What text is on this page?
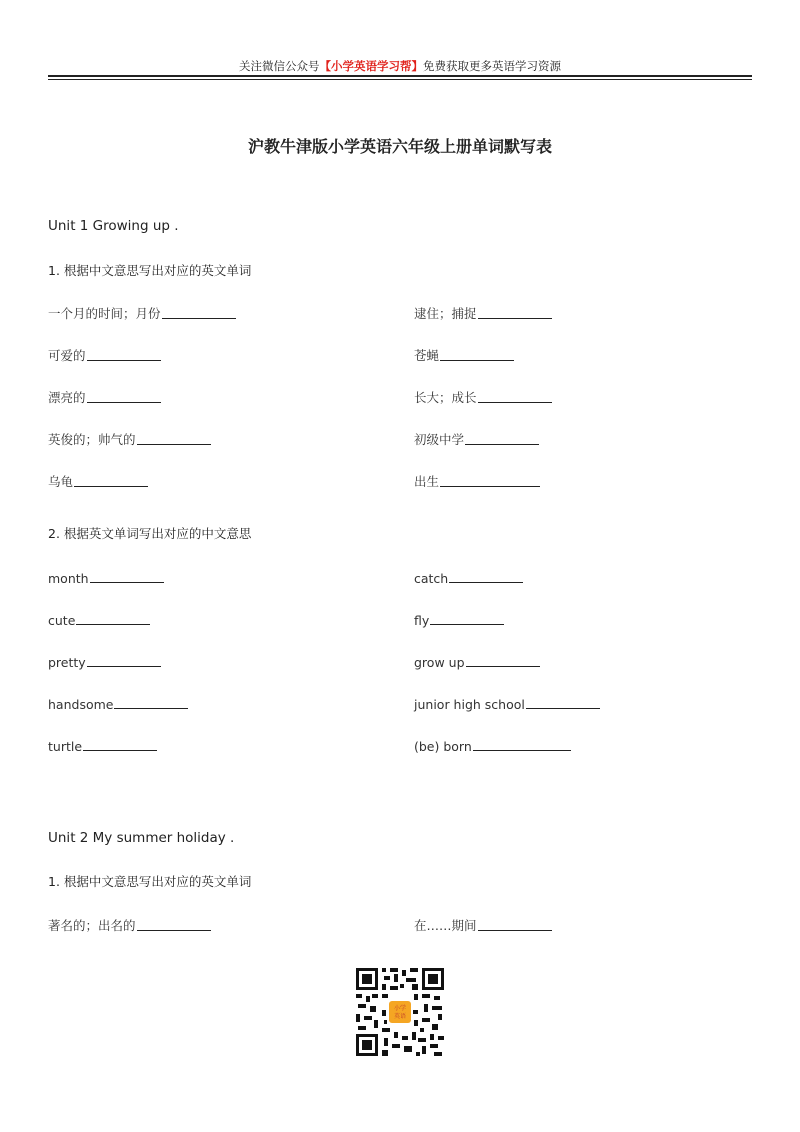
关注微信公众号【小学英语学习帮】免费获取更多英语学习资源
沪教牛津版小学英语六年级上册单词默写表
Unit 1 Growing up .
1. 根据中文意思写出对应的英文单词
一个月的时间；月份	逮住；捕捉
可爱的	苍蝇
漂亮的	长大；成长
英俊的；帅气的	初级中学
乌龟	出生
2. 根据英文单词写出对应的中文意思
month	catch
cute	fly
pretty	grow up
handsome	junior high school
turtle	(be) born
Unit 2 My summer holiday .
1. 根据中文意思写出对应的英文单词
著名的；出名的	在……期间
小学
英语
